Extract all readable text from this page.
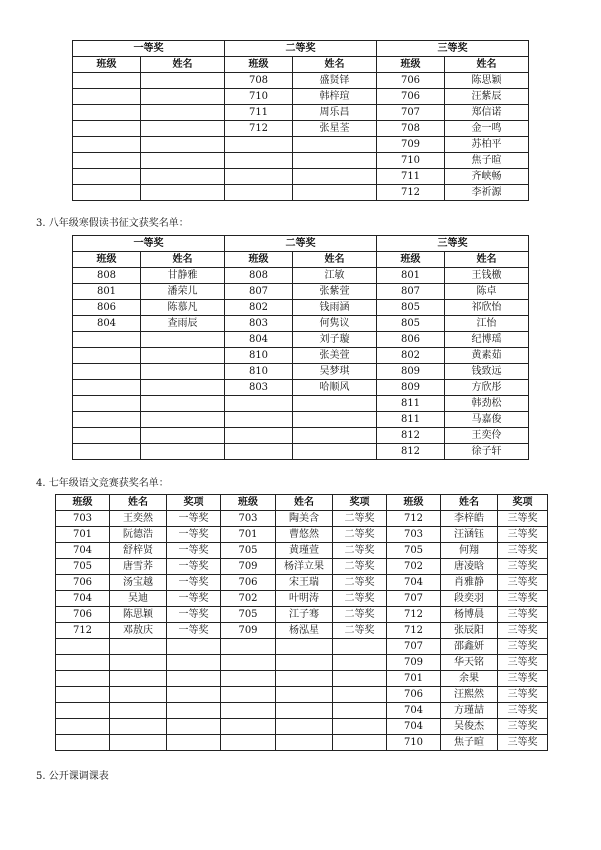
一等奖		二等奖		三等奖	
班级	姓名	班级	姓名	班级	姓名
		708	盛贤铎	706	陈思颖
		710	韩梓瑄	706	汪紫辰
		711	周乐昌	707	郑信诺
		712	张星荃	708	金一鸣
				709	苏柏平
				710	焦子暄
				711	齐峡畅
				712	李祈源
3. 八年级寒假读书征文获奖名单：
一等奖		二等奖		三等奖	
班级	姓名	班级	姓名	班级	姓名
808	甘静雅	808	江敏	801	王钱檄
801	潘荣儿	807	张紫萱	807	陈卓
806	陈慕凡	802	钱雨涵	805	祁欣怡
804	查雨辰	803	何隽议	805	江怡
		804	刘子璇	806	纪博瑶
		810	张美萱	802	黄素茹
		810	吴梦琪	809	钱致远
		803	哈顺风	809	方欣彤
				811	韩劲松
				811	马嘉俊
				812	王奕伶
				812	徐子轩
4. 七年级语文竞赛获奖名单：
班级	姓名	奖项	班级	姓名	奖项	班级	姓名	奖项
703	王奕然	一等奖	703	陶美含	二等奖	712	李梓皓	三等奖
701	阮德浩	一等奖	701	曹悠然	二等奖	703	汪涵钰	三等奖
704	舒梓贤	一等奖	705	黄瑾萱	二等奖	705	何翔	三等奖
705	唐雪荞	一等奖	709	杨洋立果	二等奖	702	唐凌晗	三等奖
706	汤宝越	一等奖	706	宋王瑞	二等奖	704	肖雅静	三等奖
704	吴迪	一等奖	702	叶明涛	二等奖	707	段奕羽	三等奖
706	陈思颖	一等奖	705	江子骞	二等奖	712	杨博晨	三等奖
712	邓敖庆	一等奖	709	杨泓星	二等奖	712	张辰阳	三等奖
						707	邵鑫妍	三等奖
						709	华天铭	三等奖
						701	余果	三等奖
						706	汪熙然	三等奖
						704	方瑾喆	三等奖
						704	吴俊杰	三等奖
						710	焦子暄	三等奖
5. 公开课调课表
